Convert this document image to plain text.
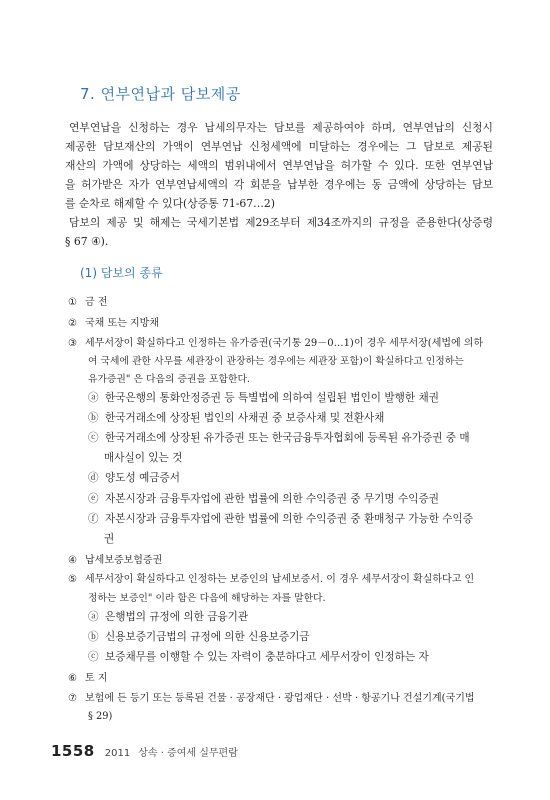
7. 연부연납과 담보제공
연부연납을 신청하는 경우 납세의무자는 담보를 제공하여야 하며, 연부연납의 신청시
제공한 담보재산의 가액이 연부연납 신청세액에 미달하는 경우에는 그 담보로 제공된
재산의 가액에 상당하는 세액의 범위내에서 연부연납을 허가할 수 있다. 또한 연부연납
을 허가받은 자가 연부연납세액의 각 회분을 납부한 경우에는 동 금액에 상당하는 담보
를 순차로 해제할 수 있다(상증통 71-67…2)
담보의 제공 및 해제는 국세기본법 제29조부터 제34조까지의 규정을 준용한다(상증령
§ 67 ④).
(1) 담보의 종류
① 금 전
② 국채 또는 지방채
③ 세무서장이 확실하다고 인정하는 유가증권(국기통 29－0…1)이 경우 세무서장(세법에 의하
여 국세에 관한 사무를 세관장이 관장하는 경우에는 세관장 포함)이 확실하다고 인정하는
유가증권" 은 다음의 증권을 포함한다.
ⓐ 한국은행의 통화안정증권 등 특별법에 의하여 설립된 법인이 발행한 채권
ⓑ 한국거래소에 상장된 법인의 사채권 중 보증사채 및 전환사채
ⓒ 한국거래소에 상장된 유가증권 또는 한국금융투자협회에 등록된 유가증권 중 매
매사실이 있는 것
ⓓ 양도성 예금증서
ⓔ 자본시장과 금융투자업에 관한 법률에 의한 수익증권 중 무기명 수익증권
ⓕ 자본시장과 금융투자업에 관한 법률에 의한 수익증권 중 환매청구 가능한 수익증
권
④ 납세보증보험증권
⑤ 세무서장이 확실하다고 인정하는 보증인의 납세보증서. 이 경우 세무서장이 확실하다고 인
정하는 보증인" 이라 함은 다음에 해당하는 자를 말한다.
ⓐ 은행법의 규정에 의한 금융기관
ⓑ 신용보증기금법의 규정에 의한 신용보증기금
ⓒ 보증채무를 이행할 수 있는 자력이 충분하다고 세무서장이 인정하는 자
⑥ 토 지
⑦ 보험에 든 등기 또는 등록된 건물 · 공장재단 · 광업재단 · 선박 · 항공기나 건설기계(국기법
§ 29)
1558 2011 상속 · 증여세 실무편람
